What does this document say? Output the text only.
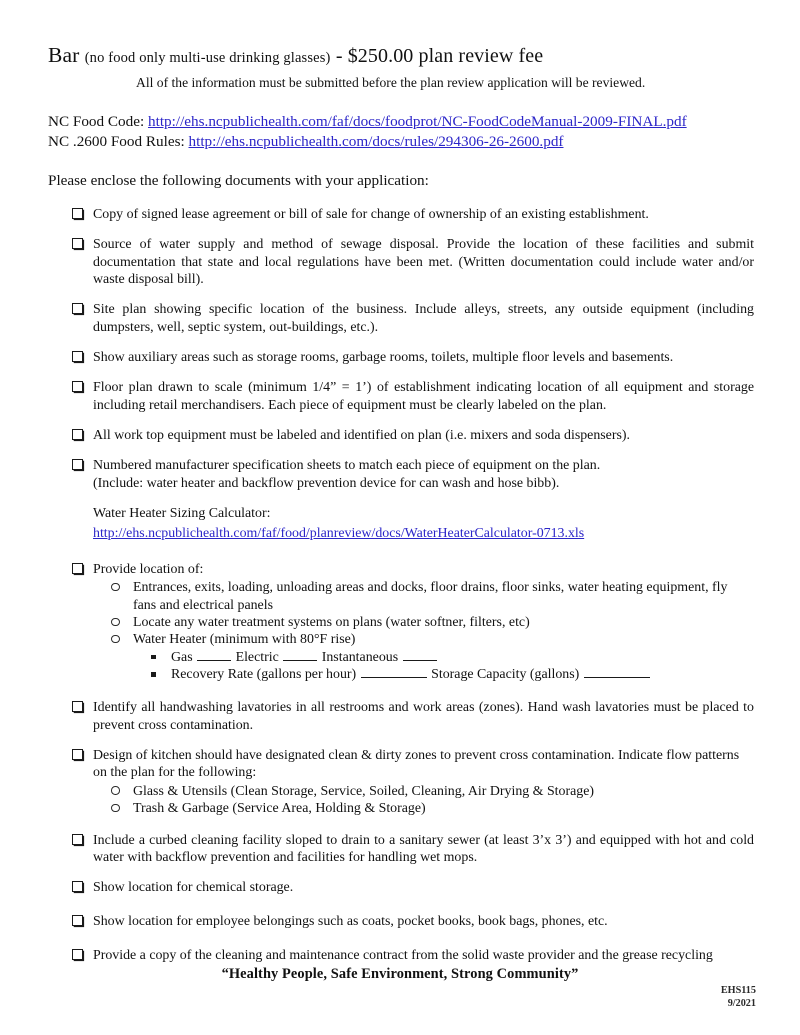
Bar (no food only multi-use drinking glasses) - $250.00 plan review fee
All of the information must be submitted before the plan review application will be reviewed.
NC Food Code: http://ehs.ncpublichealth.com/faf/docs/foodprot/NC-FoodCodeManual-2009-FINAL.pdf
NC .2600 Food Rules: http://ehs.ncpublichealth.com/docs/rules/294306-26-2600.pdf
Please enclose the following documents with your application:
Copy of signed lease agreement or bill of sale for change of ownership of an existing establishment.
Source of water supply and method of sewage disposal. Provide the location of these facilities and submit documentation that state and local regulations have been met. (Written documentation could include water and/or waste disposal bill).
Site plan showing specific location of the business. Include alleys, streets, any outside equipment (including dumpsters, well, septic system, out-buildings, etc.).
Show auxiliary areas such as storage rooms, garbage rooms, toilets, multiple floor levels and basements.
Floor plan drawn to scale (minimum 1/4” = 1’) of establishment indicating location of all equipment and storage including retail merchandisers. Each piece of equipment must be clearly labeled on the plan.
All work top equipment must be labeled and identified on plan (i.e. mixers and soda dispensers).
Numbered manufacturer specification sheets to match each piece of equipment on the plan.
(Include: water heater and backflow prevention device for can wash and hose bibb).
Water Heater Sizing Calculator:
http://ehs.ncpublichealth.com/faf/food/planreview/docs/WaterHeaterCalculator-0713.xls
Provide location of:
Entrances, exits, loading, unloading areas and docks, floor drains, floor sinks, water heating equipment, fly fans and electrical panels
Locate any water treatment systems on plans (water softner, filters, etc)
Water Heater (minimum with 80°F rise)
Gas	Electric	Instantaneous
Recovery Rate (gallons per hour)	Storage Capacity (gallons)
Identify all handwashing lavatories in all restrooms and work areas (zones). Hand wash lavatories must be placed to prevent cross contamination.
Design of kitchen should have designated clean & dirty zones to prevent cross contamination. Indicate flow patterns on the plan for the following:
Glass & Utensils (Clean Storage, Service, Soiled, Cleaning, Air Drying & Storage)
Trash & Garbage (Service Area, Holding & Storage)
Include a curbed cleaning facility sloped to drain to a sanitary sewer (at least 3’x 3’) and equipped with hot and cold water with backflow prevention and facilities for handling wet mops.
Show location for chemical storage.
Show location for employee belongings such as coats, pocket books, book bags, phones, etc.
Provide a copy of the cleaning and maintenance contract from the solid waste provider and the grease recycling
“Healthy People, Safe Environment, Strong Community”
EHS115
9/2021
